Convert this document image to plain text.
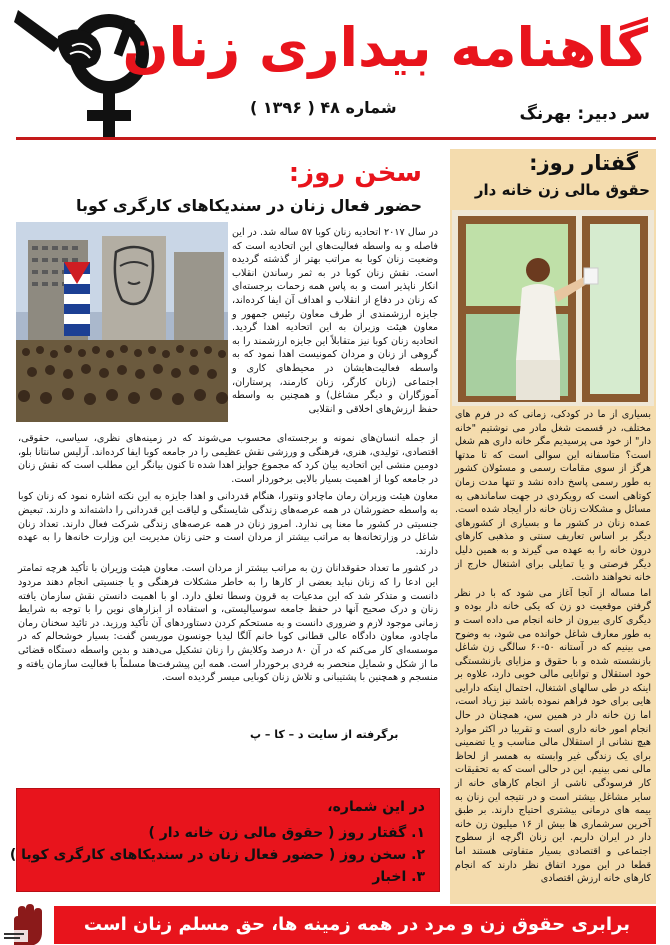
گاهنامه بیداری زنان
شماره ۴۸ ( ۱۳۹۶ )	سر دبیر: بهرنگ
سخن روز:
حضور فعال زنان در سندیکاهای کارگری کوبا

در سال ۲۰۱۷ اتحادیه زنان کوبا ۵۷ ساله شد. در این فاصله و به واسطه فعالیت‌های این اتحادیه است که وضعیت زنان کوبا به مراتب بهتر از گذشته گردیده است. نقش زنان کوبا در به ثمر رساندن انقلاب انکار ناپذیر است و به پاس همه زحمات برجسته‌ای که زنان در دفاع از انقلاب و اهداف آن ایفا کرده‌اند، جایزه ارزشمندی از طرف معاون رئیس جمهور و معاون هیئت وزیران به این اتحادیه اهدا گردید. اتحادیه زنان کوبا نیز متقابلاً این جایزه ارزشمند را به گروهی از زنان و مردان کمونیست اهدا نمود که به واسطه فعالیت‌هایشان در محیط‌های کاری و اجتماعی (زنان کارگر، زنان کارمند، پرستاران، آموزگاران و دیگر مشاغل) و همچنین به واسطه حفظ ارزش‌های اخلاقی و انقلابی

از جمله انسان‌های نمونه و برجسته‌ای محسوب می‌شوند که در زمینه‌های نظری، سیاسی، حقوقی، اقتصادی، تولیدی، هنری، فرهنگی و ورزشی نقش عظیمی را در جامعه کوبا ایفا کرده‌اند. آرلیس سانتانا بلو، دومین منشی این اتحادیه بیان کرد که مجموع جوایز اهدا شده تا کنون بیانگر این مطلب است که نقش زنان در جامعه کوبا از اهمیت بسیار بالایی برخوردار است.

معاون هیئت وزیران رمان ماچادو ونتورا، هنگام قدردانی و اهدا جایزه به این نکته اشاره نمود که زنان کوبا به واسطه حضورشان در همه عرصه‌های زندگی شایستگی و لیاقت این قدردانی را داشته‌اند و دارند. تبعیض جنسیتی در کشور ما معنا پی ندارد. امروز زنان در همه عرصه‌های زندگی شرکت فعال دارند. تعداد زنان شاغل در وزارتخانه‌ها به مراتب بیشتر از مردان است و حتی زنان مدیریت این وزارت خانه‌ها را به عهده دارند.

در کشور ما تعداد حقوقدانان زن به مراتب بیشتر از مردان است. معاون هیئت وزیران با تأکید هرچه تمامتر این ادعا را که زنان نباید بعضی از کارها را به خاطر مشکلات فرهنگی و یا جنسیتی انجام دهند مردود دانست و متذکر شد که این مدعیات به قرون وسطا تعلق دارد. او با اهمیت دانستن نقش سازمان یافته زنان و درک صحیح آنها در حفظ جامعه سوسیالیستی، و استفاده از ابزارهای نوین را با توجه به شرایط زمانی موجود لازم و ضروری دانست و به مستحکم کردن دستاوردهای آن تأکید ورزید. در تائید سخنان رمان ماچادو، معاون دادگاه عالی قطانی کوبا خانم آلگا لیدیا جونسون موریسن گفت: بسیار خوشحالم که در موسسه‌ای کار می‌کنم که در آن ۸۰ درصد وکلایش را زنان تشکیل می‌دهند و بدین واسطه دستگاه قضائی ما از شکل و شمایل منحصر به فردی برخوردار است. همه این پیشرفت‌ها مسلماً با فعالیت سازمان یافته و منسجم و همچنین با پشتیبانی و تلاش زنان کوبایی میسر گردیده است.

برگرفته از سایت د – کا – پ
در این شماره،
۱. گفتار روز ( حقوق مالی زن خانه دار )
۲. سخن روز ( حضور فعال زنان در سندیکاهای کارگری کوبا )
۳. اخبار
گفتار روز:
حقوق مالی زن خانه دار

بسیاری از ما در کودکی، زمانی که در فرم های مختلف، در قسمت شغل مادر می نوشتیم "خانه دار" از خود می پرسیدیم مگر خانه داری هم شغل است؟ متاسفانه این سوالی است که تا مدتها هرگز از سوی مقامات رسمی و مسئولان کشور به طور رسمی پاسخ داده نشد و تنها مدت زمان کوتاهی است که رویکردی در جهت ساماندهی به مسائل و مشکلات زنان خانه دار ایجاد شده است. عمده زنان در کشور ما و بسیاری از کشورهای دیگر بر اساس تعاریف سنتی و مذهبی کارهای درون خانه را به عهده می گیرند و به همین دلیل دیگر فرصتی و یا تمایلی برای اشتغال خارج از خانه نخواهند داشت.

اما مساله از آنجا آغاز می شود که با در نظر گرفتن موقعیت دو زن که یکی خانه دار بوده و دیگری کاری بیرون از خانه انجام می داده است و به طور معارف شاغل خوانده می شود، به وضوح می بینیم که در آستانه ۵۰-۶۰ سالگی زن شاغل بازنشسته شده و با حقوق و مزایای بازنشستگی خود استقلال و توانایی مالی خوبی دارد، علاوه بر اینکه در طی سالهای اشتغال، احتمال اینکه دارایی هایی برای خود فراهم نموده باشد نیز زیاد است، اما زن خانه دار در همین سن، همچنان در حال انجام امور خانه داری است و تقریبا در اکثر موارد هیچ نشانی از استقلال مالی مناسب و یا تضمینی برای یک زندگی غیر وابسته به همسر از لحاظ مالی نمی بینیم. این در حالی است که به تحقیقات کار فرسودگی ناشی از انجام کارهای خانه از سایر مشاغل بیشتر است و در نتیجه این زنان به بیمه های درمانی بیشتری احتیاج دارند. بر طبق آخرین سرشماری ها بیش از ۱۶ میلیون زن خانه دار در ایران داریم. این زنان اگرچه از سطوح اجتماعی و اقتصادی بسیار متفاوتی هستند اما قطعا در این مورد اتفاق نظر دارند که انجام کارهای خانه ارزش اقتصادی

برابری حقوق زن و مرد در همه زمینه ها، حق مسلم زنان است
